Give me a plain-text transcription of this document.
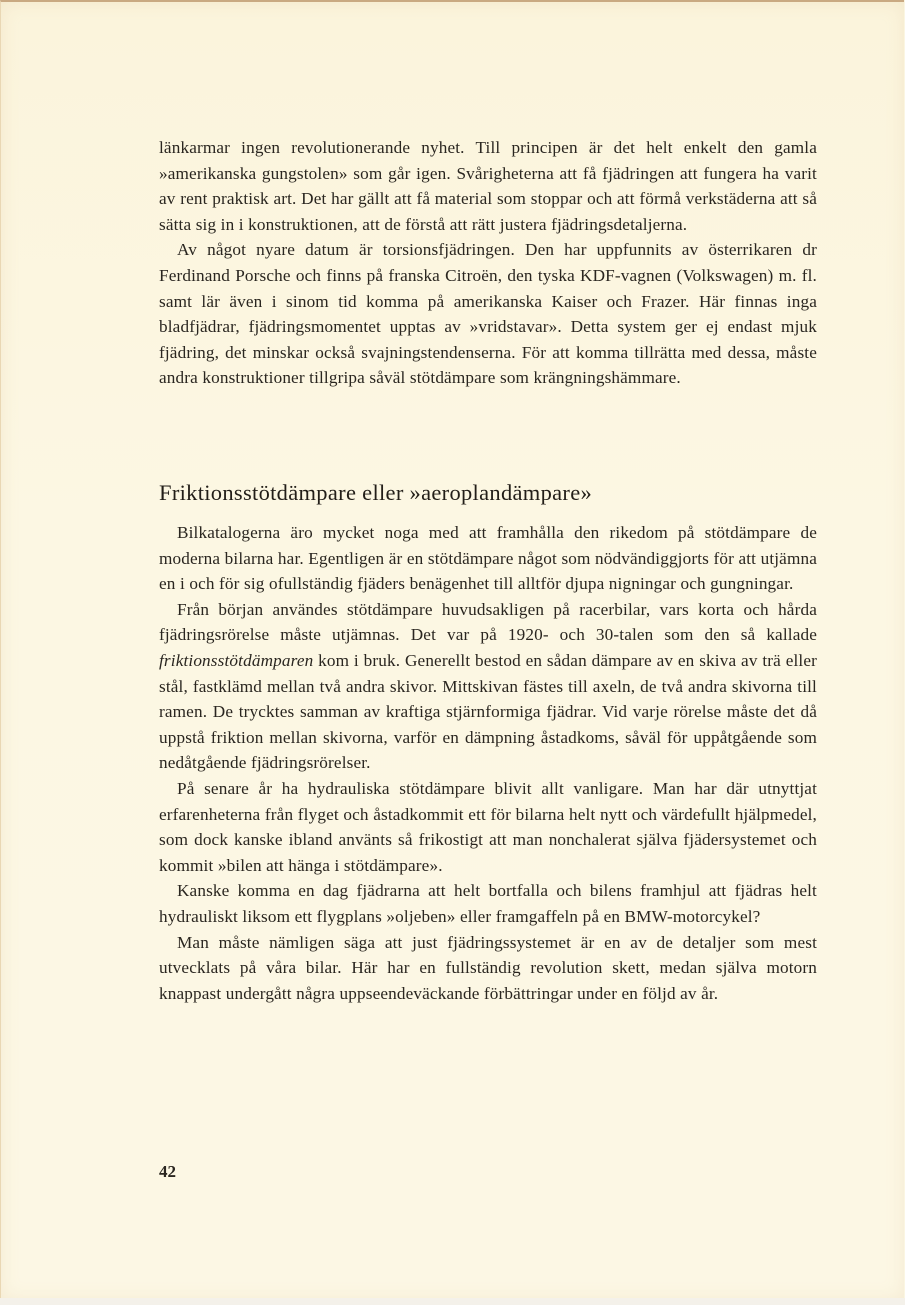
länkarmar ingen revolutionerande nyhet. Till principen är det helt enkelt den gamla »amerikanska gungstolen» som går igen. Svårigheterna att få fjädringen att fungera ha varit av rent praktisk art. Det har gällt att få material som stoppar och att förmå verkstäderna att så sätta sig in i konstruktionen, att de förstå att rätt justera fjädringsdetaljerna.

Av något nyare datum är torsionsfjädringen. Den har uppfunnits av österrikaren dr Ferdinand Porsche och finns på franska Citroën, den tyska KDF-vagnen (Volkswagen) m. fl. samt lär även i sinom tid komma på amerikanska Kaiser och Frazer. Här finnas inga bladfjädrar, fjädringsmomentet upptas av »vridstavar». Detta system ger ej endast mjuk fjädring, det minskar också svajningstendenserna. För att komma tillrätta med dessa, måste andra konstruktioner tillgripa såväl stötdämpare som krängningshämmare.

Friktionsstötdämpare eller »aeroplandämpare»

Bilkatalogerna äro mycket noga med att framhålla den rikedom på stötdämpare de moderna bilarna har. Egentligen är en stötdämpare något som nödvändiggjorts för att utjämna en i och för sig ofullständig fjäders benägenhet till alltför djupa nigningar och gungningar.

Från början användes stötdämpare huvudsakligen på racerbilar, vars korta och hårda fjädringsrörelse måste utjämnas. Det var på 1920- och 30-talen som den så kallade friktionsstötdämparen kom i bruk. Generellt bestod en sådan dämpare av en skiva av trä eller stål, fastklämd mellan två andra skivor. Mittskivan fästes till axeln, de två andra skivorna till ramen. De trycktes samman av kraftiga stjärnformiga fjädrar. Vid varje rörelse måste det då uppstå friktion mellan skivorna, varför en dämpning åstadkoms, såväl för uppåtgående som nedåtgående fjädringsrörelser.

På senare år ha hydrauliska stötdämpare blivit allt vanligare. Man har där utnyttjat erfarenheterna från flyget och åstadkommit ett för bilarna helt nytt och värdefullt hjälpmedel, som dock kanske ibland använts så frikostigt att man nonchalerat själva fjädersystemet och kommit »bilen att hänga i stötdämpare».

Kanske komma en dag fjädrarna att helt bortfalla och bilens framhjul att fjädras helt hydrauliskt liksom ett flygplans »oljeben» eller framgaffeln på en BMW-motorcykel?

Man måste nämligen säga att just fjädringssystemet är en av de detaljer som mest utvecklats på våra bilar. Här har en fullständig revolution skett, medan själva motorn knappast undergått några uppseendeväckande förbättringar under en följd av år.

42
